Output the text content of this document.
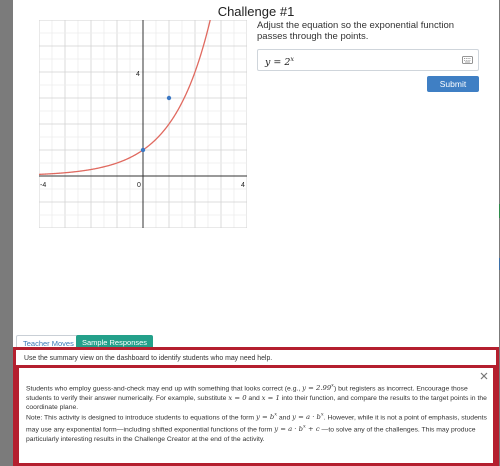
Challenge #1
-4	0	4
4
Adjust the equation so the exponential function passes through the points.
$y = 2^x$
Submit
Teacher Moves	Sample Responses
Use the summary view on the dashboard to identify students who may need help.

Students who employ guess-and-check may end up with something that looks correct (e.g., $y = 2.99^x$) but registers as incorrect. Encourage those students to verify their answer numerically. For example, substitute x = 0 and x = 1 into their function, and compare the results to the target points in the coordinate plane.

Note: This activity is designed to introduce students to equations of the form $y = b^x$ and $y = a \cdot b^x$. However, while it is not a point of emphasis, students may use any exponential form—including shifted exponential functions of the form $y = a \cdot b^x + c$ —to solve any of the challenges. This may produce particularly interesting results in the Challenge Creator at the end of the activity.
